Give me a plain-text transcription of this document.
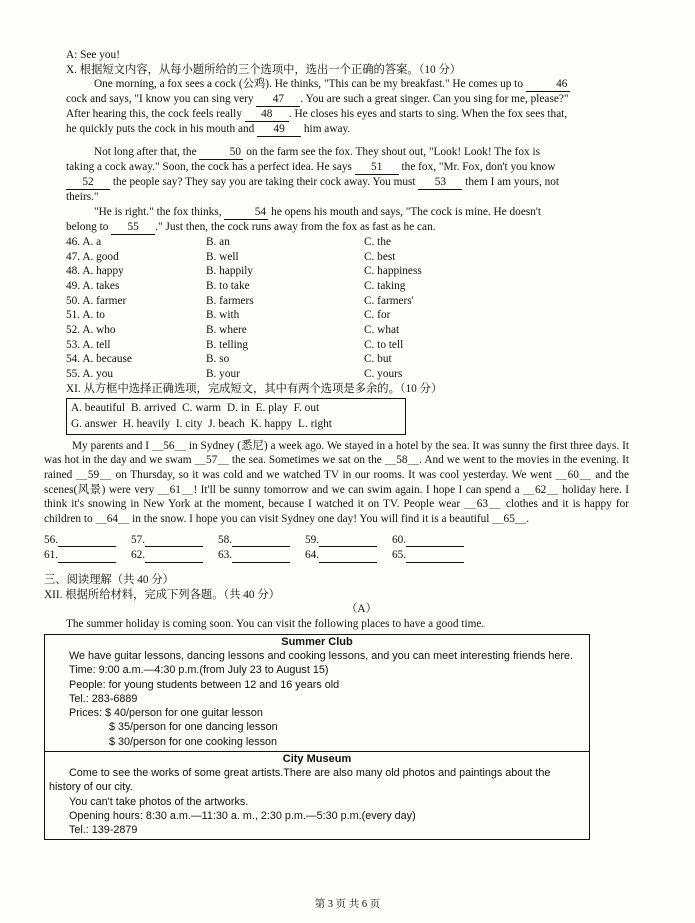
A: See you!

X. 根据短文内容，从每小题所给的三个选项中，选出一个正确的答案。（10 分）

One morning, a fox sees a cock (公鸡). He thinks, "This can be my breakfast." He comes up to	46

cock and says, "I know you can sing very 47 . You are such a great singer. Can you sing for me, please?"

After hearing this, the cock feels really 48 . He closes his eyes and starts to sing. When the fox sees that,

he quickly puts the cock in his mouth and 49 him away.

Not long after that, the	50 on the farm see the fox. They shout out, "Look! Look! The fox is

taking a cock away." Soon, the cock has a perfect idea. He says 51 the fox, "Mr. Fox, don't you know

52 the people say? They say you are taking their cock away. You must 53 them I am yours, not

theirs."

"He is right." the fox thinks,	54 he opens his mouth and says, "The cock is mine. He doesn't

belong to 55 ." Just then, the cock runs away from the fox as fast as he can.

46. A. a	B. an	C. the
47. A. good	B. well	C. best
48. A. happy	B. happily	C. happiness
49. A. takes	B. to take	C. taking
50. A. farmer	B. farmers	C. farmers'
51. A. to	B. with	C. for
52. A. who	B. where	C. what
53. A. tell	B. telling	C. to tell
54. A. because	B. so	C. but
55. A. you	B. your	C. yours

XI. 从方框中选择正确选项，完成短文，其中有两个选项是多余的。（10 分）

A. beautiful B. arrived C. warm D. in E. play F. out
G. answer H. heavily I. city J. beach K. happy L. right

My parents and I ＿56＿ in Sydney (悉尼) a week ago. We stayed in a hotel by the sea. It was sunny the first three days. It was hot in the day and we swam ＿57＿ the sea. Sometimes we sat on the ＿58＿. And we went to the movies in the evening. It rained ＿59＿ on Thursday, so it was cold and we watched TV in our rooms. It was cool yesterday. We went ＿60＿ and the scenes(风景) were very ＿61＿! It'll be sunny tomorrow and we can swim again. I hope I can spend a ＿62＿ holiday here. I think it's snowing in New York at the moment, because I watched it on TV. People wear ＿63＿ clothes and it is happy for children to ＿64＿ in the snow. I hope you can visit Sydney one day! You will find it is a beautiful ＿65＿.

56.	57.	58.	59.	60.
61.	62.	63.	64.	65.

三、阅读理解（共 40 分）

XII. 根据所给材料，完成下列各题。（共 40 分）

（A）

The summer holiday is coming soon. You can visit the following places to have a good time.

Summer Club

We have guitar lessons, dancing lessons and cooking lessons, and you can meet interesting friends here.

Time: 9:00 a.m.—4:30 p.m.(from July 23 to August 15)

People: for young students between 12 and 16 years old

Tel.: 283-6889

Prices: $ 40/person for one guitar lesson

$ 35/person for one dancing lesson

$ 30/person for one cooking lesson

City Museum

Come to see the works of some great artists.There are also many old photos and paintings about the history of our city.

You can't take photos of the artworks.

Opening hours: 8:30 a.m.—11:30 a. m., 2:30 p.m.—5:30 p.m.(every day)

Tel.: 139-2879

第 3 页 共 6 页
